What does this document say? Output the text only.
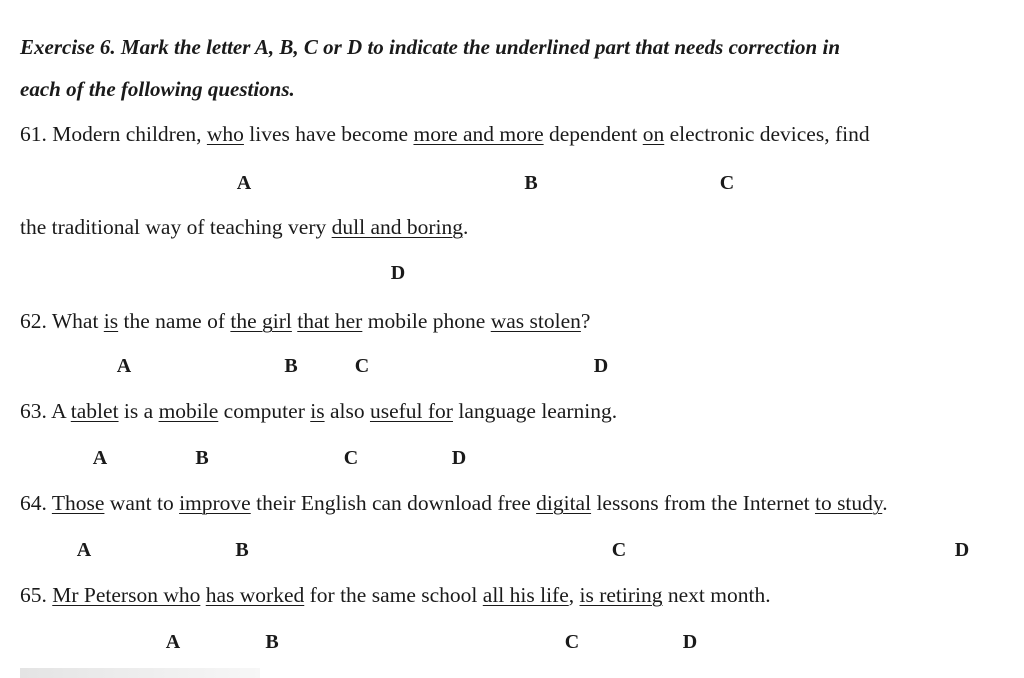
Exercise 6. Mark the letter A, B, C or D to indicate the underlined part that needs correction in
each of the following questions.
61. Modern children, who lives have become more and more dependent on electronic devices, find
A	B	C
the traditional way of teaching very dull and boring.
D
62. What is the name of the girl that her mobile phone was stolen?
A	B	C	D
63. A tablet is a mobile computer is also useful for language learning.
A	B	C	D
64. Those want to improve their English can download free digital lessons from the Internet to study.
A	B	C	D
65. Mr Peterson who has worked for the same school all his life, is retiring next month.
A	B	C	D
